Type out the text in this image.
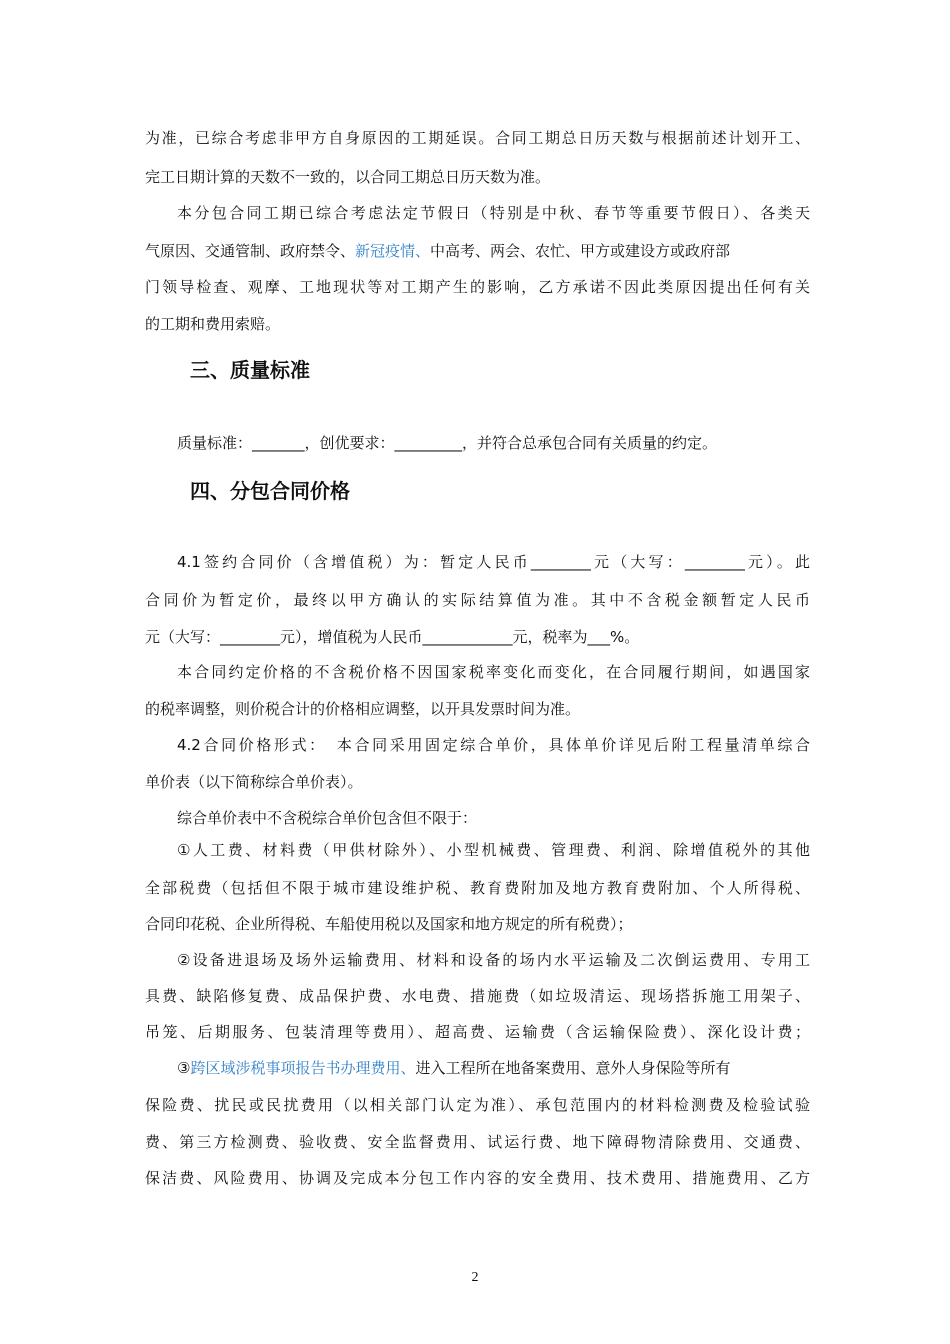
为准，已综合考虑非甲方自身原因的工期延误。合同工期总日历天数与根据前述计划开工、
完工日期计算的天数不一致的，以合同工期总日历天数为准。
本分包合同工期已综合考虑法定节假日（特别是中秋、春节等重要节假日）、各类天
气原因、交通管制、政府禁令、新冠疫情、中高考、两会、农忙、甲方或建设方或政府部
门领导检查、观摩、工地现状等对工期产生的影响，乙方承诺不因此类原因提出任何有关
的工期和费用索赔。
三、质量标准
质量标准：_______，创优要求：_________，并符合总承包合同有关质量的约定。
四、分包合同价格
4.1签约合同价（含增值税）为：暂定人民币________元（大写：________元）。此
合同价为暂定价，最终以甲方确认的实际结算值为准。其中不含税金额暂定人民币
元（大写：________元），增值税为人民币____________元，税率为___%。
本合同约定价格的不含税价格不因国家税率变化而变化，在合同履行期间，如遇国家
的税率调整，则价税合计的价格相应调整，以开具发票时间为准。
4.2合同价格形式：　本合同采用固定综合单价，具体单价详见后附工程量清单综合
单价表（以下简称综合单价表）。
综合单价表中不含税综合单价包含但不限于：
①人工费、材料费（甲供材除外）、小型机械费、管理费、利润、除增值税外的其他
全部税费（包括但不限于城市建设维护税、教育费附加及地方教育费附加、个人所得税、
合同印花税、企业所得税、车船使用税以及国家和地方规定的所有税费）；
②设备进退场及场外运输费用、材料和设备的场内水平运输及二次倒运费用、专用工
具费、缺陷修复费、成品保护费、水电费、措施费（如垃圾清运、现场搭拆施工用架子、
吊笼、后期服务、包装清理等费用）、超高费、运输费（含运输保险费）、深化设计费；
③跨区域涉税事项报告书办理费用、进入工程所在地备案费用、意外人身保险等所有
保险费、扰民或民扰费用（以相关部门认定为准）、承包范围内的材料检测费及检验试验
费、第三方检测费、验收费、安全监督费用、试运行费、地下障碍物清除费用、交通费、
保洁费、风险费用、协调及完成本分包工作内容的安全费用、技术费用、措施费用、乙方
2
